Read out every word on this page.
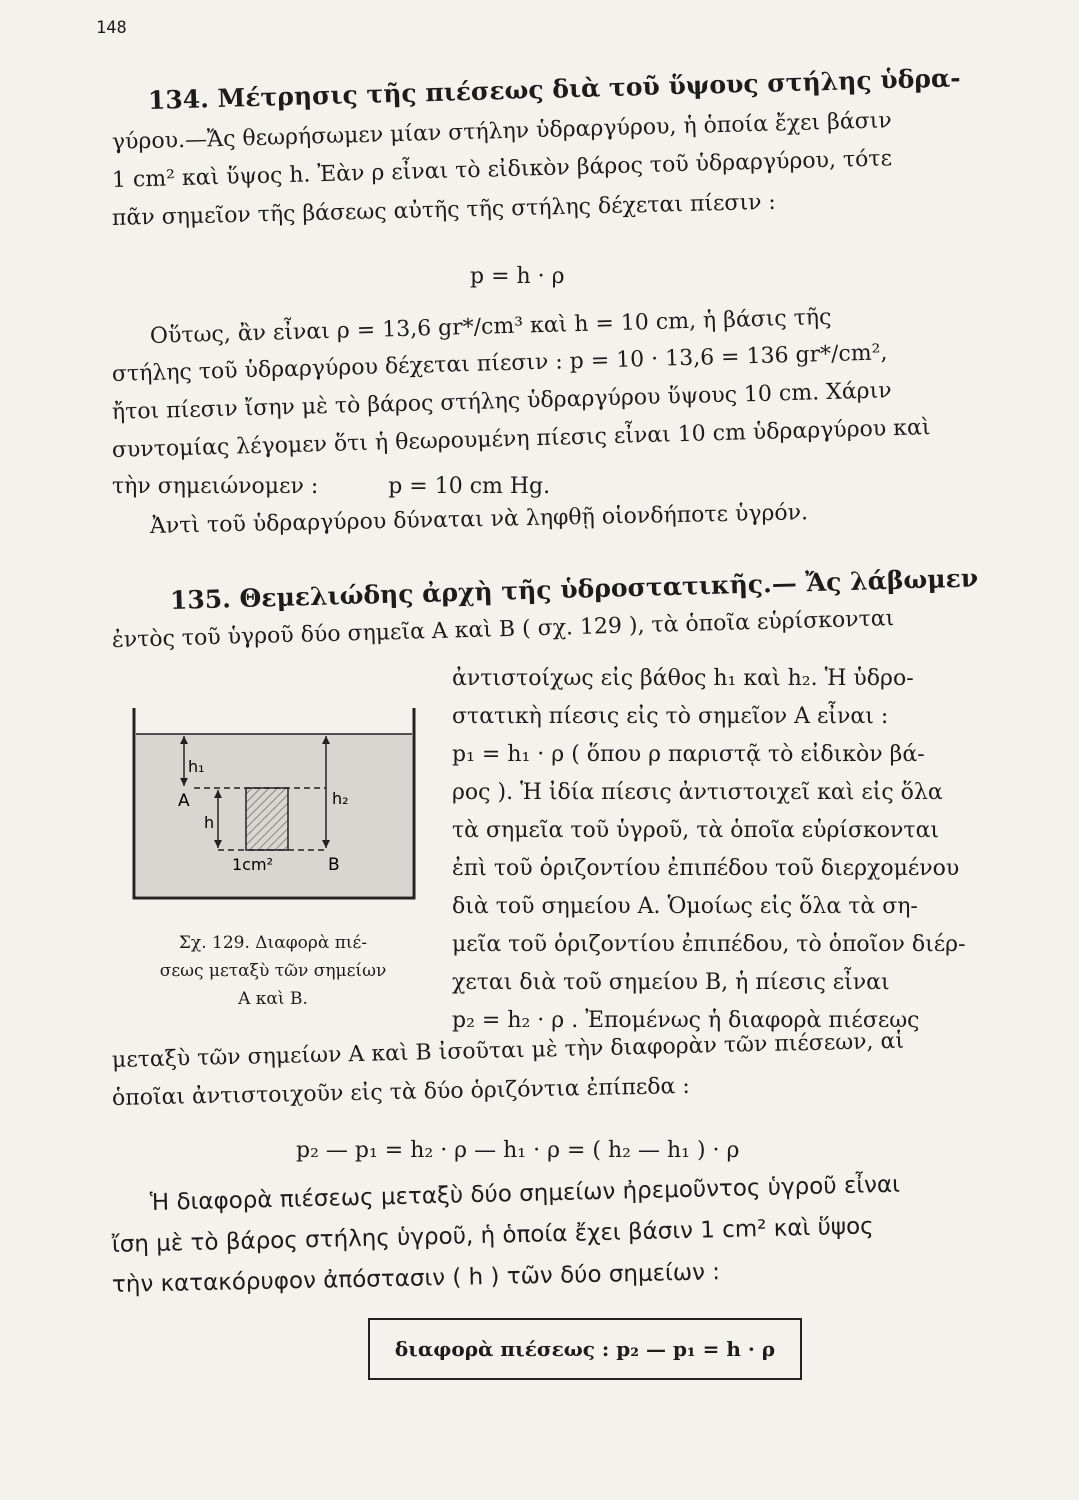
148
134. Μέτρησις τῆς πιέσεως διὰ τοῦ ὕψους στήλης ὑδρα-
γύρου.—Ἄς θεωρήσωμεν μίαν στήλην ὑδραργύρου, ἡ ὁποία ἔχει βάσιν
1 cm² καὶ ὕψος h. Ἐὰν ρ εἶναι τὸ εἰδικὸν βάρος τοῦ ὑδραργύρου, τότε
πᾶν σημεῖον τῆς βάσεως αὐτῆς τῆς στήλης δέχεται πίεσιν :
p = h · ρ
Οὕτως, ἂν εἶναι ρ = 13,6 gr*/cm³ καὶ h = 10 cm, ἡ βάσις τῆς
στήλης τοῦ ὑδραργύρου δέχεται πίεσιν : p = 10 · 13,6 = 136 gr*/cm²,
ἤτοι πίεσιν ἴσην μὲ τὸ βάρος στήλης ὑδραργύρου ὕψους 10 cm. Χάριν
συντομίας λέγομεν ὅτι ἡ θεωρουμένη πίεσις εἶναι 10 cm ὑδραργύρου καὶ
τὴν σημειώνομεν :          p = 10 cm Hg.
Ἀντὶ τοῦ ὑδραργύρου δύναται νὰ ληφθῇ οἱονδήποτε ὑγρόν.
135. Θεμελιώδης ἀρχὴ τῆς ὑδροστατικῆς.— Ἄς λάβωμεν
ἐντὸς τοῦ ὑγροῦ δύο σημεῖα A καὶ B ( σχ. 129 ), τὰ ὁποῖα εὑρίσκονται
ἀντιστοίχως εἰς βάθος h₁ καὶ h₂. Ἡ ὑδρο-
στατικὴ πίεσις εἰς τὸ σημεῖον A εἶναι :
p₁ = h₁ · ρ ( ὅπου ρ παριστᾷ τὸ εἰδικὸν βά-
ρος ). Ἡ ἰδία πίεσις ἀντιστοιχεῖ καὶ εἰς ὅλα
τὰ σημεῖα τοῦ ὑγροῦ, τὰ ὁποῖα εὑρίσκονται
ἐπὶ τοῦ ὁριζοντίου ἐπιπέδου τοῦ διερχομένου
διὰ τοῦ σημείου A. Ὁμοίως εἰς ὅλα τὰ ση-
μεῖα τοῦ ὁριζοντίου ἐπιπέδου, τὸ ὁποῖον διέρ-
χεται διὰ τοῦ σημείου B, ἡ πίεσις εἶναι
p₂ = h₂ · ρ . Ἐπομένως ἡ διαφορὰ πιέσεως
μεταξὺ τῶν σημείων A καὶ B ἰσοῦται μὲ τὴν διαφορὰν τῶν πιέσεων, αἱ
ὁποῖαι ἀντιστοιχοῦν εἰς τὰ δύο ὁριζόντια ἐπίπεδα :
p₂ — p₁ = h₂ · ρ — h₁ · ρ = ( h₂ — h₁ ) · ρ
Ἡ διαφορὰ πιέσεως μεταξὺ δύο σημείων ἠρεμοῦντος ὑγροῦ εἶναι
ἴση μὲ τὸ βάρος στήλης ὑγροῦ, ἡ ὁποία ἔχει βάσιν 1 cm² καὶ ὕψος
τὴν κατακόρυφον ἀπόστασιν ( h ) τῶν δύο σημείων :
h₁
A
h
h₂
1cm²	B
Σχ. 129. Διαφορὰ πιέ-
σεως μεταξὺ τῶν σημείων
A καὶ B.
διαφορὰ πιέσεως : p₂ — p₁ = h · ρ
